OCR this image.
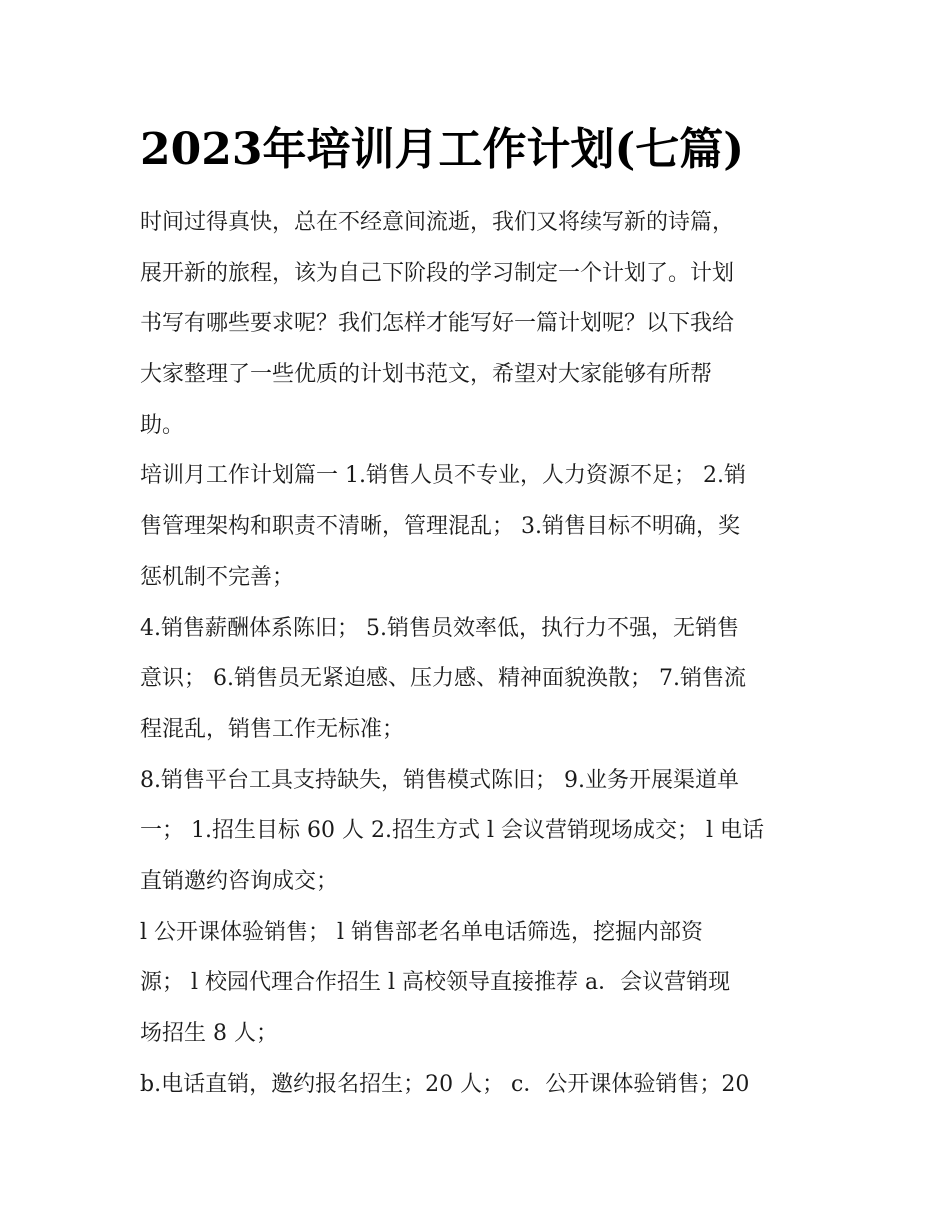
2023年培训月工作计划(七篇)

时间过得真快，总在不经意间流逝，我们又将续写新的诗篇，
展开新的旅程，该为自己下阶段的学习制定一个计划了。计划
书写有哪些要求呢？我们怎样才能写好一篇计划呢？以下我给
大家整理了一些优质的计划书范文，希望对大家能够有所帮
助。

培训月工作计划篇一 1.销售人员不专业，人力资源不足； 2.销
售管理架构和职责不清晰，管理混乱； 3.销售目标不明确，奖
惩机制不完善；

4.销售薪酬体系陈旧； 5.销售员效率低，执行力不强，无销售
意识； 6.销售员无紧迫感、压力感、精神面貌涣散； 7.销售流
程混乱，销售工作无标准；

8.销售平台工具支持缺失，销售模式陈旧； 9.业务开展渠道单
一； 1.招生目标 60 人 2.招生方式 l 会议营销现场成交； l 电话
直销邀约咨询成交；

l 公开课体验销售； l 销售部老名单电话筛选，挖掘内部资
源； l 校园代理合作招生 l 高校领导直接推荐 a．会议营销现
场招生 8 人；

b.电话直销，邀约报名招生；20 人； c．公开课体验销售；20
